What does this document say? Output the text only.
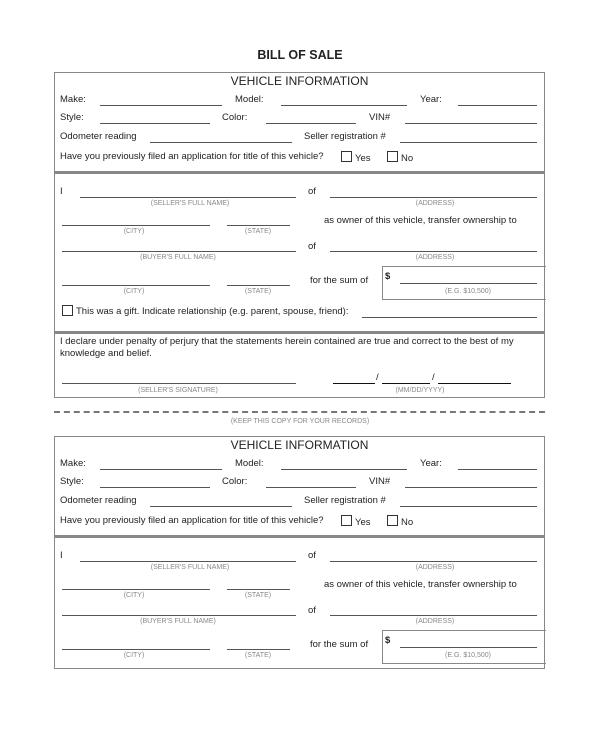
BILL OF SALE
VEHICLE INFORMATION
Make:	Model:	Year:
Style:	Color:	VIN#
Odometer reading	Seller registration #
Have you previously filed an application for title of this vehicle?	Yes	No
I
(SELLER'S FULL NAME)
of
(ADDRESS)
(CITY)	(STATE)
as owner of this vehicle, transfer ownership to
(BUYER'S FULL NAME)
of
(ADDRESS)
(CITY)	(STATE)
for the sum of $
(E.G. $10,500)
This was a gift. Indicate relationship (e.g. parent, spouse, friend):
I declare under penalty of perjury that the statements herein contained are true and correct to the best of my knowledge and belief.
(SELLER'S SIGNATURE)
/	/
(MM/DD/YYYY)
(KEEP THIS COPY FOR YOUR RECORDS)
VEHICLE INFORMATION
Make:	Model:	Year:
Style:	Color:	VIN#
Odometer reading	Seller registration #
Have you previously filed an application for title of this vehicle?	Yes	No
I
(SELLER'S FULL NAME)
of
(ADDRESS)
(CITY)	(STATE)
as owner of this vehicle, transfer ownership to
(BUYER'S FULL NAME)
of
(ADDRESS)
(CITY)	(STATE)
for the sum of $
(E.G. $10,500)
